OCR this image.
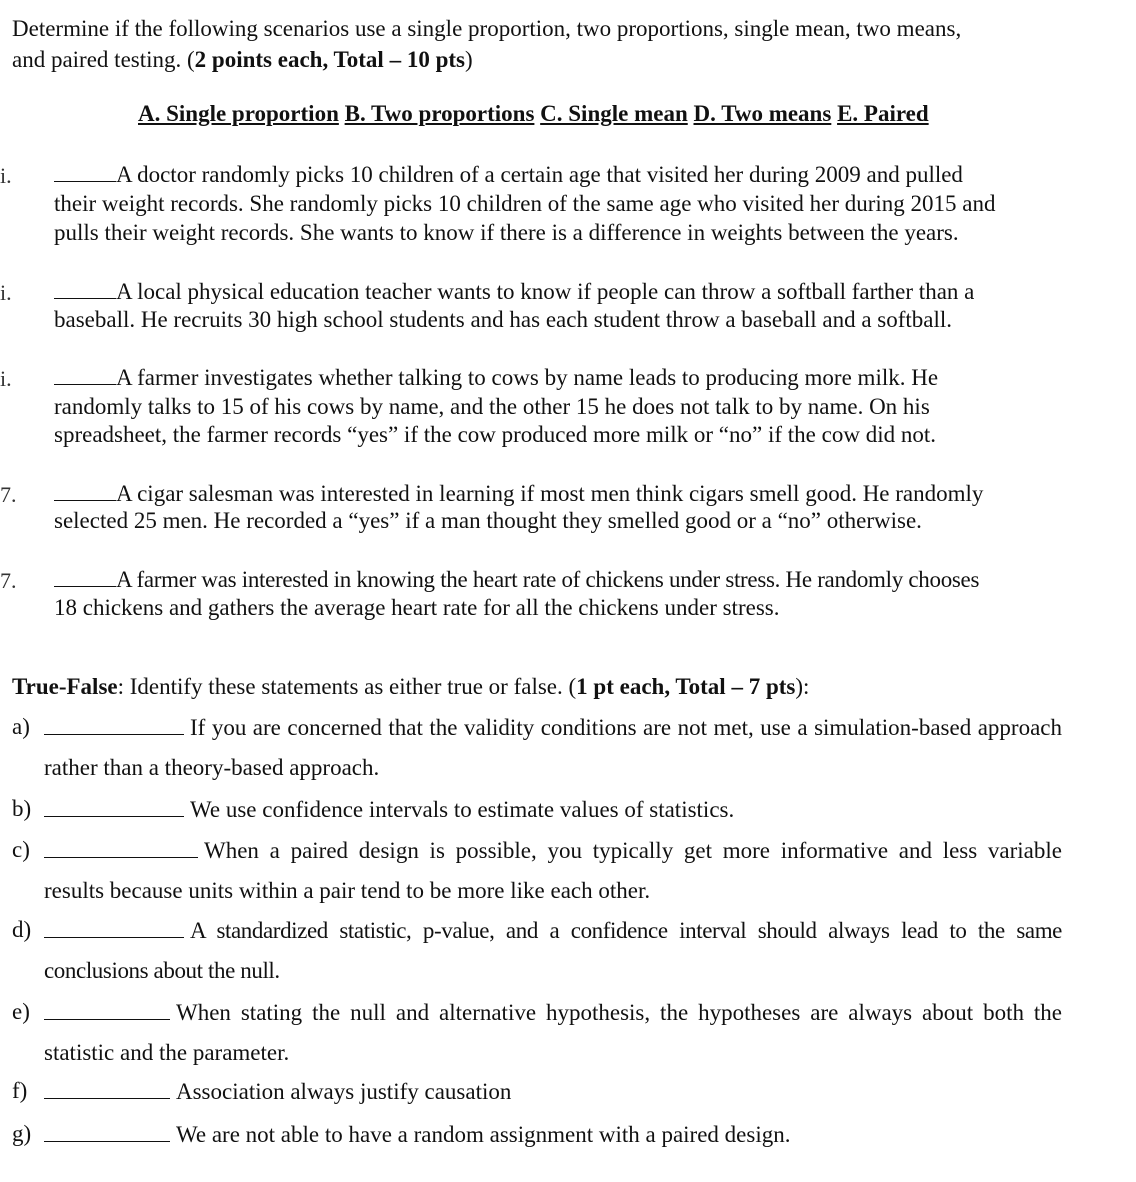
Determine if the following scenarios use a single proportion, two proportions, single mean, two means,
and paired testing. (2 points each, Total – 10 pts)
A. Single proportion B. Two proportions C. Single mean D. Two means E. Paired
i.	A doctor randomly picks 10 children of a certain age that visited her during 2009 and pulled
their weight records. She randomly picks 10 children of the same age who visited her during 2015 and
pulls their weight records. She wants to know if there is a difference in weights between the years.
i.	A local physical education teacher wants to know if people can throw a softball farther than a
baseball. He recruits 30 high school students and has each student throw a baseball and a softball.
i.	A farmer investigates whether talking to cows by name leads to producing more milk. He
randomly talks to 15 of his cows by name, and the other 15 he does not talk to by name. On his
spreadsheet, the farmer records “yes” if the cow produced more milk or “no” if the cow did not.
7.	A cigar salesman was interested in learning if most men think cigars smell good. He randomly
selected 25 men. He recorded a “yes” if a man thought they smelled good or a “no” otherwise.
7.	A farmer was interested in knowing the heart rate of chickens under stress. He randomly chooses
18 chickens and gathers the average heart rate for all the chickens under stress.
True-False: Identify these statements as either true or false. (1 pt each, Total – 7 pts):
a)	If you are concerned that the validity conditions are not met, use a simulation-based approach rather than a theory-based approach.
b)	We use confidence intervals to estimate values of statistics.
c)	When a paired design is possible, you typically get more informative and less variable results because units within a pair tend to be more like each other.
d)	A standardized statistic, p-value, and a confidence interval should always lead to the same conclusions about the null.
e)	When stating the null and alternative hypothesis, the hypotheses are always about both the statistic and the parameter.
f)	Association always justify causation
g)	We are not able to have a random assignment with a paired design.
